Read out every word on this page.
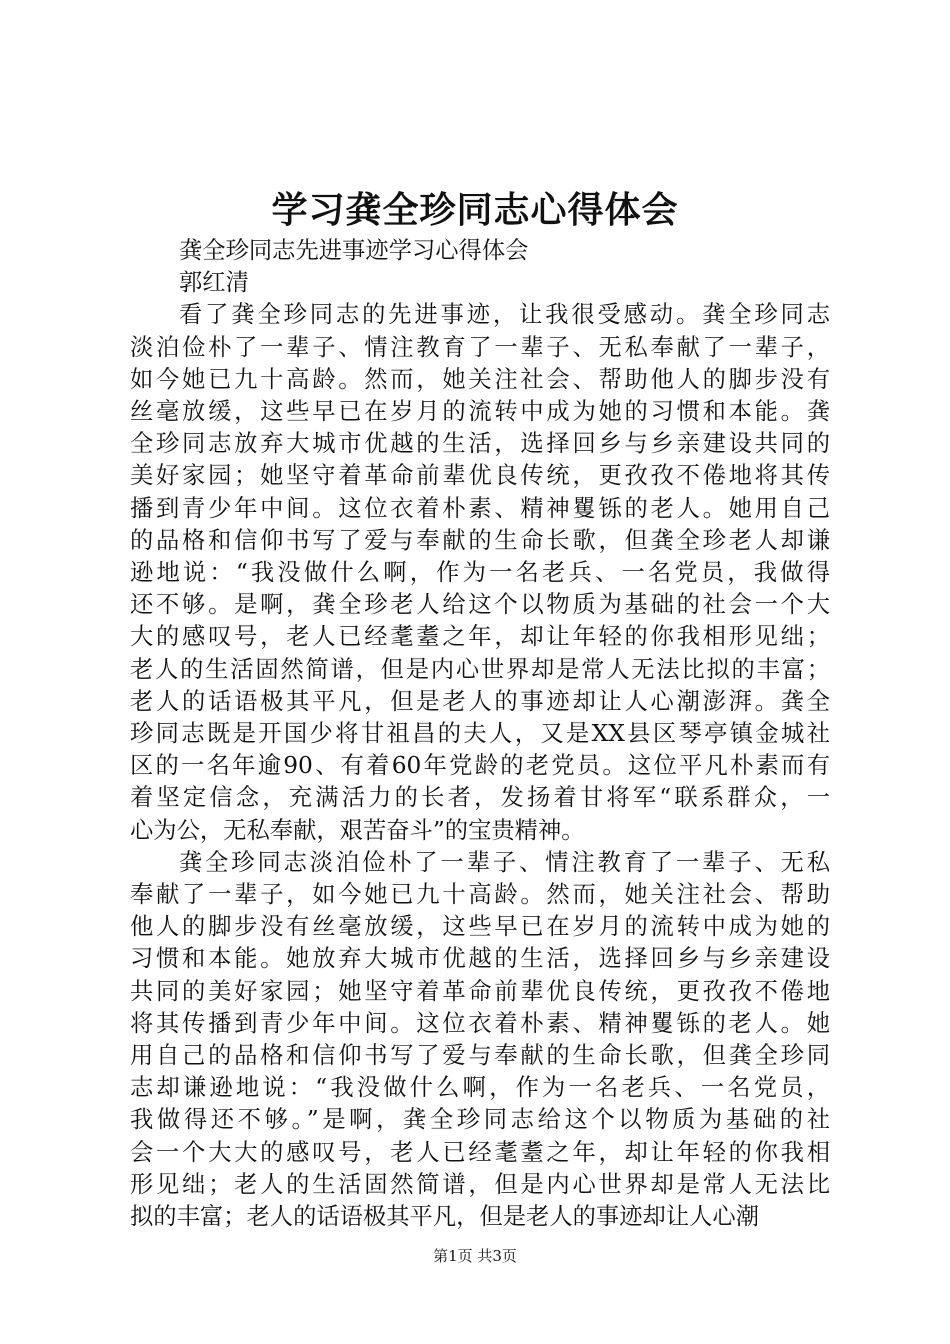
学习龚全珍同志心得体会
龚全珍同志先进事迹学习心得体会
郭红清
看了龚全珍同志的先进事迹，让我很受感动。龚全珍同志
淡泊俭朴了一辈子、情注教育了一辈子、无私奉献了一辈子，
如今她已九十高龄。然而，她关注社会、帮助他人的脚步没有
丝毫放缓，这些早已在岁月的流转中成为她的习惯和本能。龚
全珍同志放弃大城市优越的生活，选择回乡与乡亲建设共同的
美好家园；她坚守着革命前辈优良传统，更孜孜不倦地将其传
播到青少年中间。这位衣着朴素、精神矍铄的老人。她用自己
的品格和信仰书写了爱与奉献的生命长歌，但龚全珍老人却谦
逊地说：“我没做什么啊，作为一名老兵、一名党员，我做得
还不够。是啊，龚全珍老人给这个以物质为基础的社会一个大
大的感叹号，老人已经耄耋之年，却让年轻的你我相形见绌；
老人的生活固然简谱，但是内心世界却是常人无法比拟的丰富；
老人的话语极其平凡，但是老人的事迹却让人心潮澎湃。龚全
珍同志既是开国少将甘祖昌的夫人，又是XX县区琴亭镇金城社
区的一名年逾90、有着60年党龄的老党员。这位平凡朴素而有
着坚定信念，充满活力的长者，发扬着甘将军“联系群众，一
心为公，无私奉献，艰苦奋斗”的宝贵精神。
龚全珍同志淡泊俭朴了一辈子、情注教育了一辈子、无私
奉献了一辈子，如今她已九十高龄。然而，她关注社会、帮助
他人的脚步没有丝毫放缓，这些早已在岁月的流转中成为她的
习惯和本能。她放弃大城市优越的生活，选择回乡与乡亲建设
共同的美好家园；她坚守着革命前辈优良传统，更孜孜不倦地
将其传播到青少年中间。这位衣着朴素、精神矍铄的老人。她
用自己的品格和信仰书写了爱与奉献的生命长歌，但龚全珍同
志却谦逊地说：“我没做什么啊，作为一名老兵、一名党员，
我做得还不够。”是啊，龚全珍同志给这个以物质为基础的社
会一个大大的感叹号，老人已经耄耋之年，却让年轻的你我相
形见绌；老人的生活固然简谱，但是内心世界却是常人无法比
拟的丰富；老人的话语极其平凡，但是老人的事迹却让人心潮
第1页 共3页
